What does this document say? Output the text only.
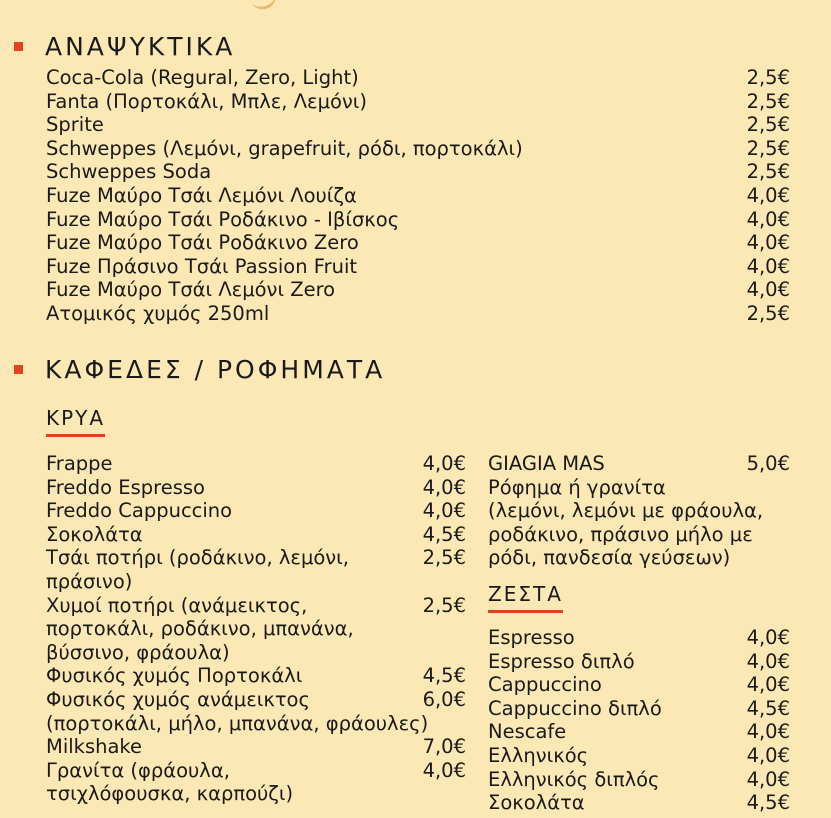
ΑΝΑΨΥΚΤΙΚΑ
Coca-Cola (Regural, Zero, Light)	2,5€
Fanta (Πορτοκάλι, Μπλε, Λεμόνι)	2,5€
Sprite	2,5€
Schweppes (Λεμόνι, grapefruit, ρόδι, πορτοκάλι)	2,5€
Schweppes Soda	2,5€
Fuze Μαύρο Τσάι Λεμόνι Λουίζα	4,0€
Fuze Μαύρο Τσάι Ροδάκινο - Ιβίσκος	4,0€
Fuze Μαύρο Τσάι Ροδάκινο Zero	4,0€
Fuze Πράσινο Τσάι Passion Fruit	4,0€
Fuze Μαύρο Τσάι Λεμόνι Zero	4,0€
Ατομικός χυμός 250ml	2,5€
ΚΑΦΕΔΕΣ / ΡΟΦΗΜΑΤΑ
ΚΡΥΑ
Frappe	4,0€
Freddo Espresso	4,0€
Freddo Cappuccino	4,0€
Σοκολάτα	4,5€
Τσάι ποτήρι (ροδάκινο, λεμόνι, πράσινο)
2,5€
Χυμοί ποτήρι (ανάμεικτος, πορτοκάλι, ροδάκινο, μπανάνα, βύσσινο, φράουλα)
2,5€
Φυσικός χυμός Πορτοκάλι	4,5€
Φυσικός χυμός ανάμεικτος	6,0€
(πορτοκάλι, μήλο, μπανάνα, φράουλες)
Milkshake	7,0€
Γρανίτα (φράουλα, τσιχλόφουσκα, καρπούζι)
4,0€
GIAGIA MAS	5,0€
Ρόφημα ή γρανίτα
(λεμόνι, λεμόνι με φράουλα,
ροδάκινο, πράσινο μήλο με
ρόδι, πανδεσία γεύσεων)
ΖΕΣΤΑ
Espresso	4,0€
Espresso διπλό	4,0€
Cappuccino	4,0€
Cappuccino διπλό	4,5€
Nescafe	4,0€
Ελληνικός	4,0€
Ελληνικός διπλός	4,0€
Σοκολάτα	4,5€
